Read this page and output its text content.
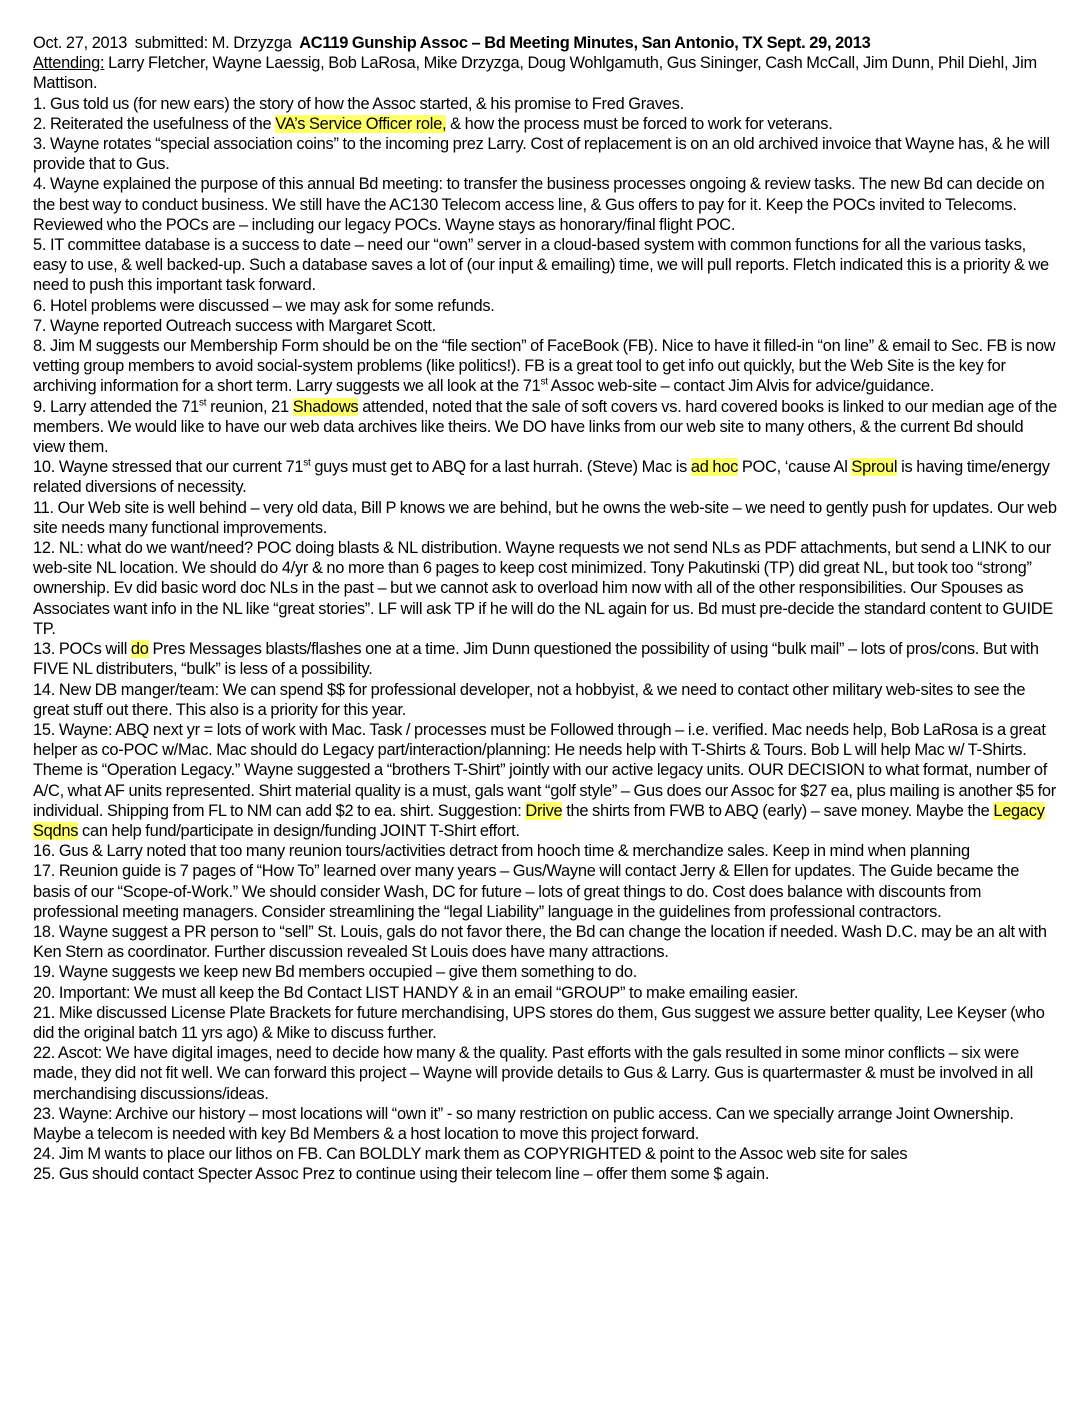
Oct. 27, 2013 submitted: M. Drzyzga AC119 Gunship Assoc – Bd Meeting Minutes, San Antonio, TX Sept. 29, 2013
Attending: Larry Fletcher, Wayne Laessig, Bob LaRosa, Mike Drzyzga, Doug Wohlgamuth, Gus Sininger, Cash McCall, Jim Dunn, Phil Diehl, Jim Mattison.
1. Gus told us (for new ears) the story of how the Assoc started, & his promise to Fred Graves.
2. Reiterated the usefulness of the VA’s Service Officer role, & how the process must be forced to work for veterans.
3. Wayne rotates “special association coins” to the incoming prez Larry. Cost of replacement is on an old archived invoice that Wayne has, & he will provide that to Gus.
4. Wayne explained the purpose of this annual Bd meeting: to transfer the business processes ongoing & review tasks. The new Bd can decide on the best way to conduct business. We still have the AC130 Telecom access line, & Gus offers to pay for it. Keep the POCs invited to Telecoms. Reviewed who the POCs are – including our legacy POCs. Wayne stays as honorary/final flight POC.
5. IT committee database is a success to date – need our “own” server in a cloud-based system with common functions for all the various tasks, easy to use, & well backed-up. Such a database saves a lot of (our input & emailing) time, we will pull reports. Fletch indicated this is a priority & we need to push this important task forward.
6. Hotel problems were discussed – we may ask for some refunds.
7. Wayne reported Outreach success with Margaret Scott.
8. Jim M suggests our Membership Form should be on the “file section” of FaceBook (FB). Nice to have it filled-in “on line” & email to Sec. FB is now vetting group members to avoid social-system problems (like politics!). FB is a great tool to get info out quickly, but the Web Site is the key for archiving information for a short term. Larry suggests we all look at the 71st Assoc web-site – contact Jim Alvis for advice/guidance.
9. Larry attended the 71st reunion, 21 Shadows attended, noted that the sale of soft covers vs. hard covered books is linked to our median age of the members. We would like to have our web data archives like theirs. We DO have links from our web site to many others, & the current Bd should view them.
10. Wayne stressed that our current 71st guys must get to ABQ for a last hurrah. (Steve) Mac is ad hoc POC, ‘cause Al Sproul is having time/energy related diversions of necessity.
11. Our Web site is well behind – very old data, Bill P knows we are behind, but he owns the web-site – we need to gently push for updates. Our web site needs many functional improvements.
12. NL: what do we want/need? POC doing blasts & NL distribution. Wayne requests we not send NLs as PDF attachments, but send a LINK to our web-site NL location. We should do 4/yr & no more than 6 pages to keep cost minimized. Tony Pakutinski (TP) did great NL, but took too “strong” ownership. Ev did basic word doc NLs in the past – but we cannot ask to overload him now with all of the other responsibilities. Our Spouses as Associates want info in the NL like “great stories”. LF will ask TP if he will do the NL again for us. Bd must pre-decide the standard content to GUIDE TP.
13. POCs will do Pres Messages blasts/flashes one at a time. Jim Dunn questioned the possibility of using “bulk mail” – lots of pros/cons. But with FIVE NL distributers, “bulk” is less of a possibility.
14. New DB manger/team: We can spend $$ for professional developer, not a hobbyist, & we need to contact other military web-sites to see the great stuff out there. This also is a priority for this year.
15. Wayne: ABQ next yr = lots of work with Mac. Task / processes must be Followed through – i.e. verified. Mac needs help, Bob LaRosa is a great helper as co-POC w/Mac. Mac should do Legacy part/interaction/planning: He needs help with T-Shirts & Tours. Bob L will help Mac w/ T-Shirts. Theme is “Operation Legacy.” Wayne suggested a “brothers T-Shirt” jointly with our active legacy units. OUR DECISION to what format, number of A/C, what AF units represented. Shirt material quality is a must, gals want “golf style” – Gus does our Assoc for $27 ea, plus mailing is another $5 for individual. Shipping from FL to NM can add $2 to ea. shirt. Suggestion: Drive the shirts from FWB to ABQ (early) – save money. Maybe the Legacy Sqdns can help fund/participate in design/funding JOINT T-Shirt effort.
16. Gus & Larry noted that too many reunion tours/activities detract from hooch time & merchandize sales. Keep in mind when planning
17. Reunion guide is 7 pages of “How To” learned over many years – Gus/Wayne will contact Jerry & Ellen for updates. The Guide became the basis of our “Scope-of-Work.” We should consider Wash, DC for future – lots of great things to do. Cost does balance with discounts from professional meeting managers. Consider streamlining the “legal Liability” language in the guidelines from professional contractors.
18. Wayne suggest a PR person to “sell” St. Louis, gals do not favor there, the Bd can change the location if needed. Wash D.C. may be an alt with Ken Stern as coordinator. Further discussion revealed St Louis does have many attractions.
19. Wayne suggests we keep new Bd members occupied – give them something to do.
20. Important: We must all keep the Bd Contact LIST HANDY & in an email “GROUP” to make emailing easier.
21. Mike discussed License Plate Brackets for future merchandising, UPS stores do them, Gus suggest we assure better quality, Lee Keyser (who did the original batch 11 yrs ago) & Mike to discuss further.
22. Ascot: We have digital images, need to decide how many & the quality. Past efforts with the gals resulted in some minor conflicts – six were made, they did not fit well. We can forward this project – Wayne will provide details to Gus & Larry. Gus is quartermaster & must be involved in all merchandising discussions/ideas.
23. Wayne: Archive our history – most locations will “own it” - so many restriction on public access. Can we specially arrange Joint Ownership. Maybe a telecom is needed with key Bd Members & a host location to move this project forward.
24. Jim M wants to place our lithos on FB. Can BOLDLY mark them as COPYRIGHTED & point to the Assoc web site for sales
25. Gus should contact Specter Assoc Prez to continue using their telecom line – offer them some $ again.
